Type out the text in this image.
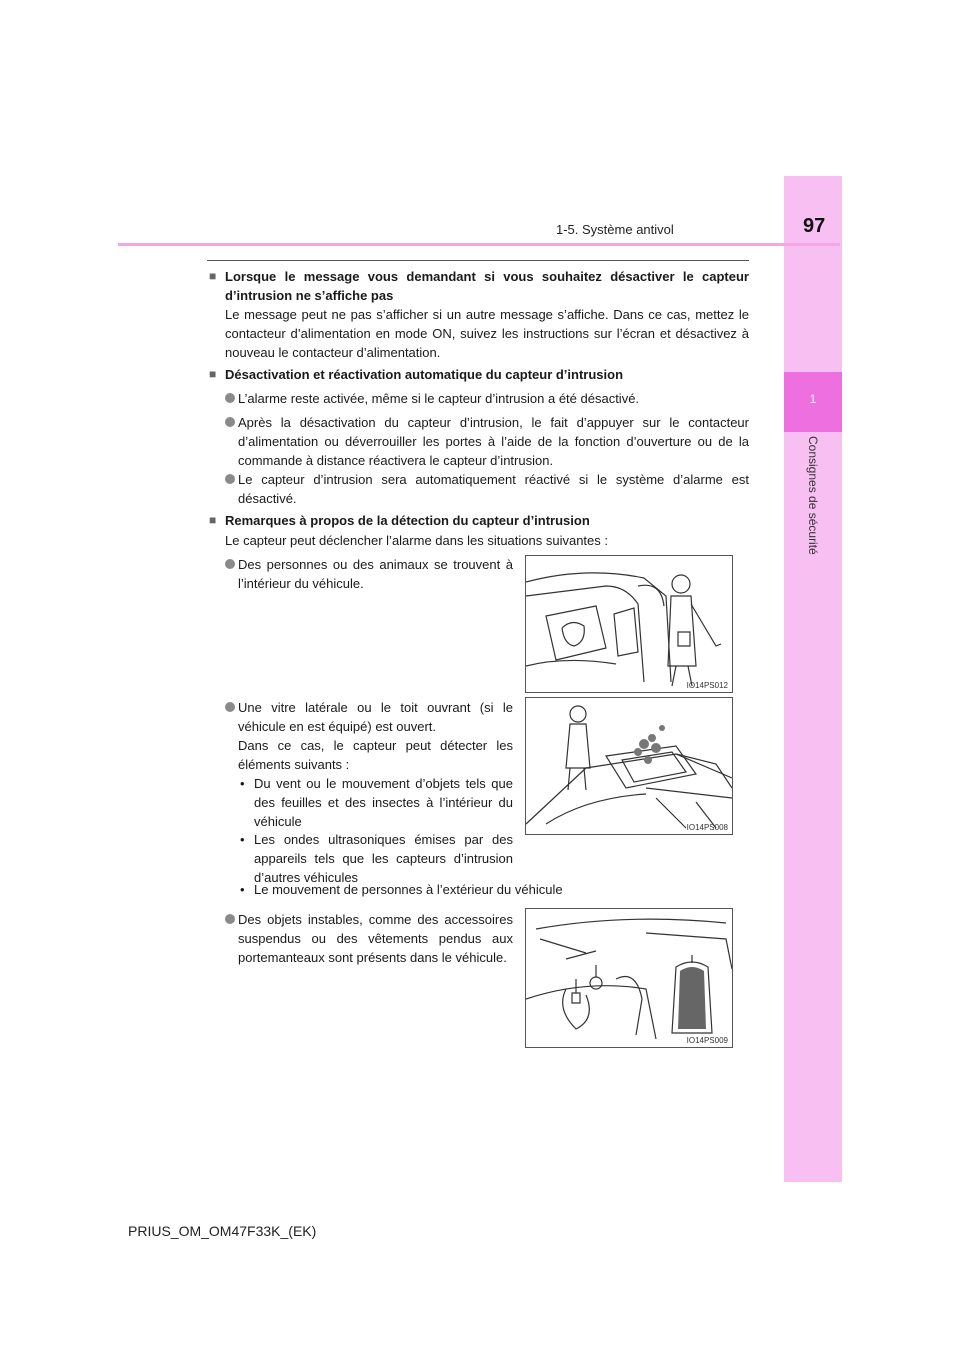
1
Consignes de sécurité
1-5. Système antivol	97
■ Lorsque le message vous demandant si vous souhaitez désactiver le capteur d’intrusion ne s’affiche pas
Le message peut ne pas s’afficher si un autre message s’affiche. Dans ce cas, mettez le contacteur d’alimentation en mode ON, suivez les instructions sur l’écran et désactivez à nouveau le contacteur d’alimentation.
■ Désactivation et réactivation automatique du capteur d’intrusion
L’alarme reste activée, même si le capteur d’intrusion a été désactivé.
Après la désactivation du capteur d’intrusion, le fait d’appuyer sur le contacteur d’alimentation ou déverrouiller les portes à l’aide de la fonction d’ouverture ou de la commande à distance réactivera le capteur d’intrusion.
Le capteur d’intrusion sera automatiquement réactivé si le système d’alarme est désactivé.
■ Remarques à propos de la détection du capteur d’intrusion
Le capteur peut déclencher l’alarme dans les situations suivantes :
Des personnes ou des animaux se trouvent à l’intérieur du véhicule.
IO14PS012
Une vitre latérale ou le toit ouvrant (si le véhicule en est équipé) est ouvert.
Dans ce cas, le capteur peut détecter les éléments suivants :
• Du vent ou le mouvement d’objets tels que des feuilles et des insectes à l’intérieur du véhicule
• Les ondes ultrasoniques émises par des appareils tels que les capteurs d’intrusion d’autres véhicules
• Le mouvement de personnes à l’extérieur du véhicule
IO14PS008
Des objets instables, comme des accessoires suspendus ou des vêtements pendus aux portemanteaux sont présents dans le véhicule.
IO14PS009
PRIUS_OM_OM47F33K_(EK)
